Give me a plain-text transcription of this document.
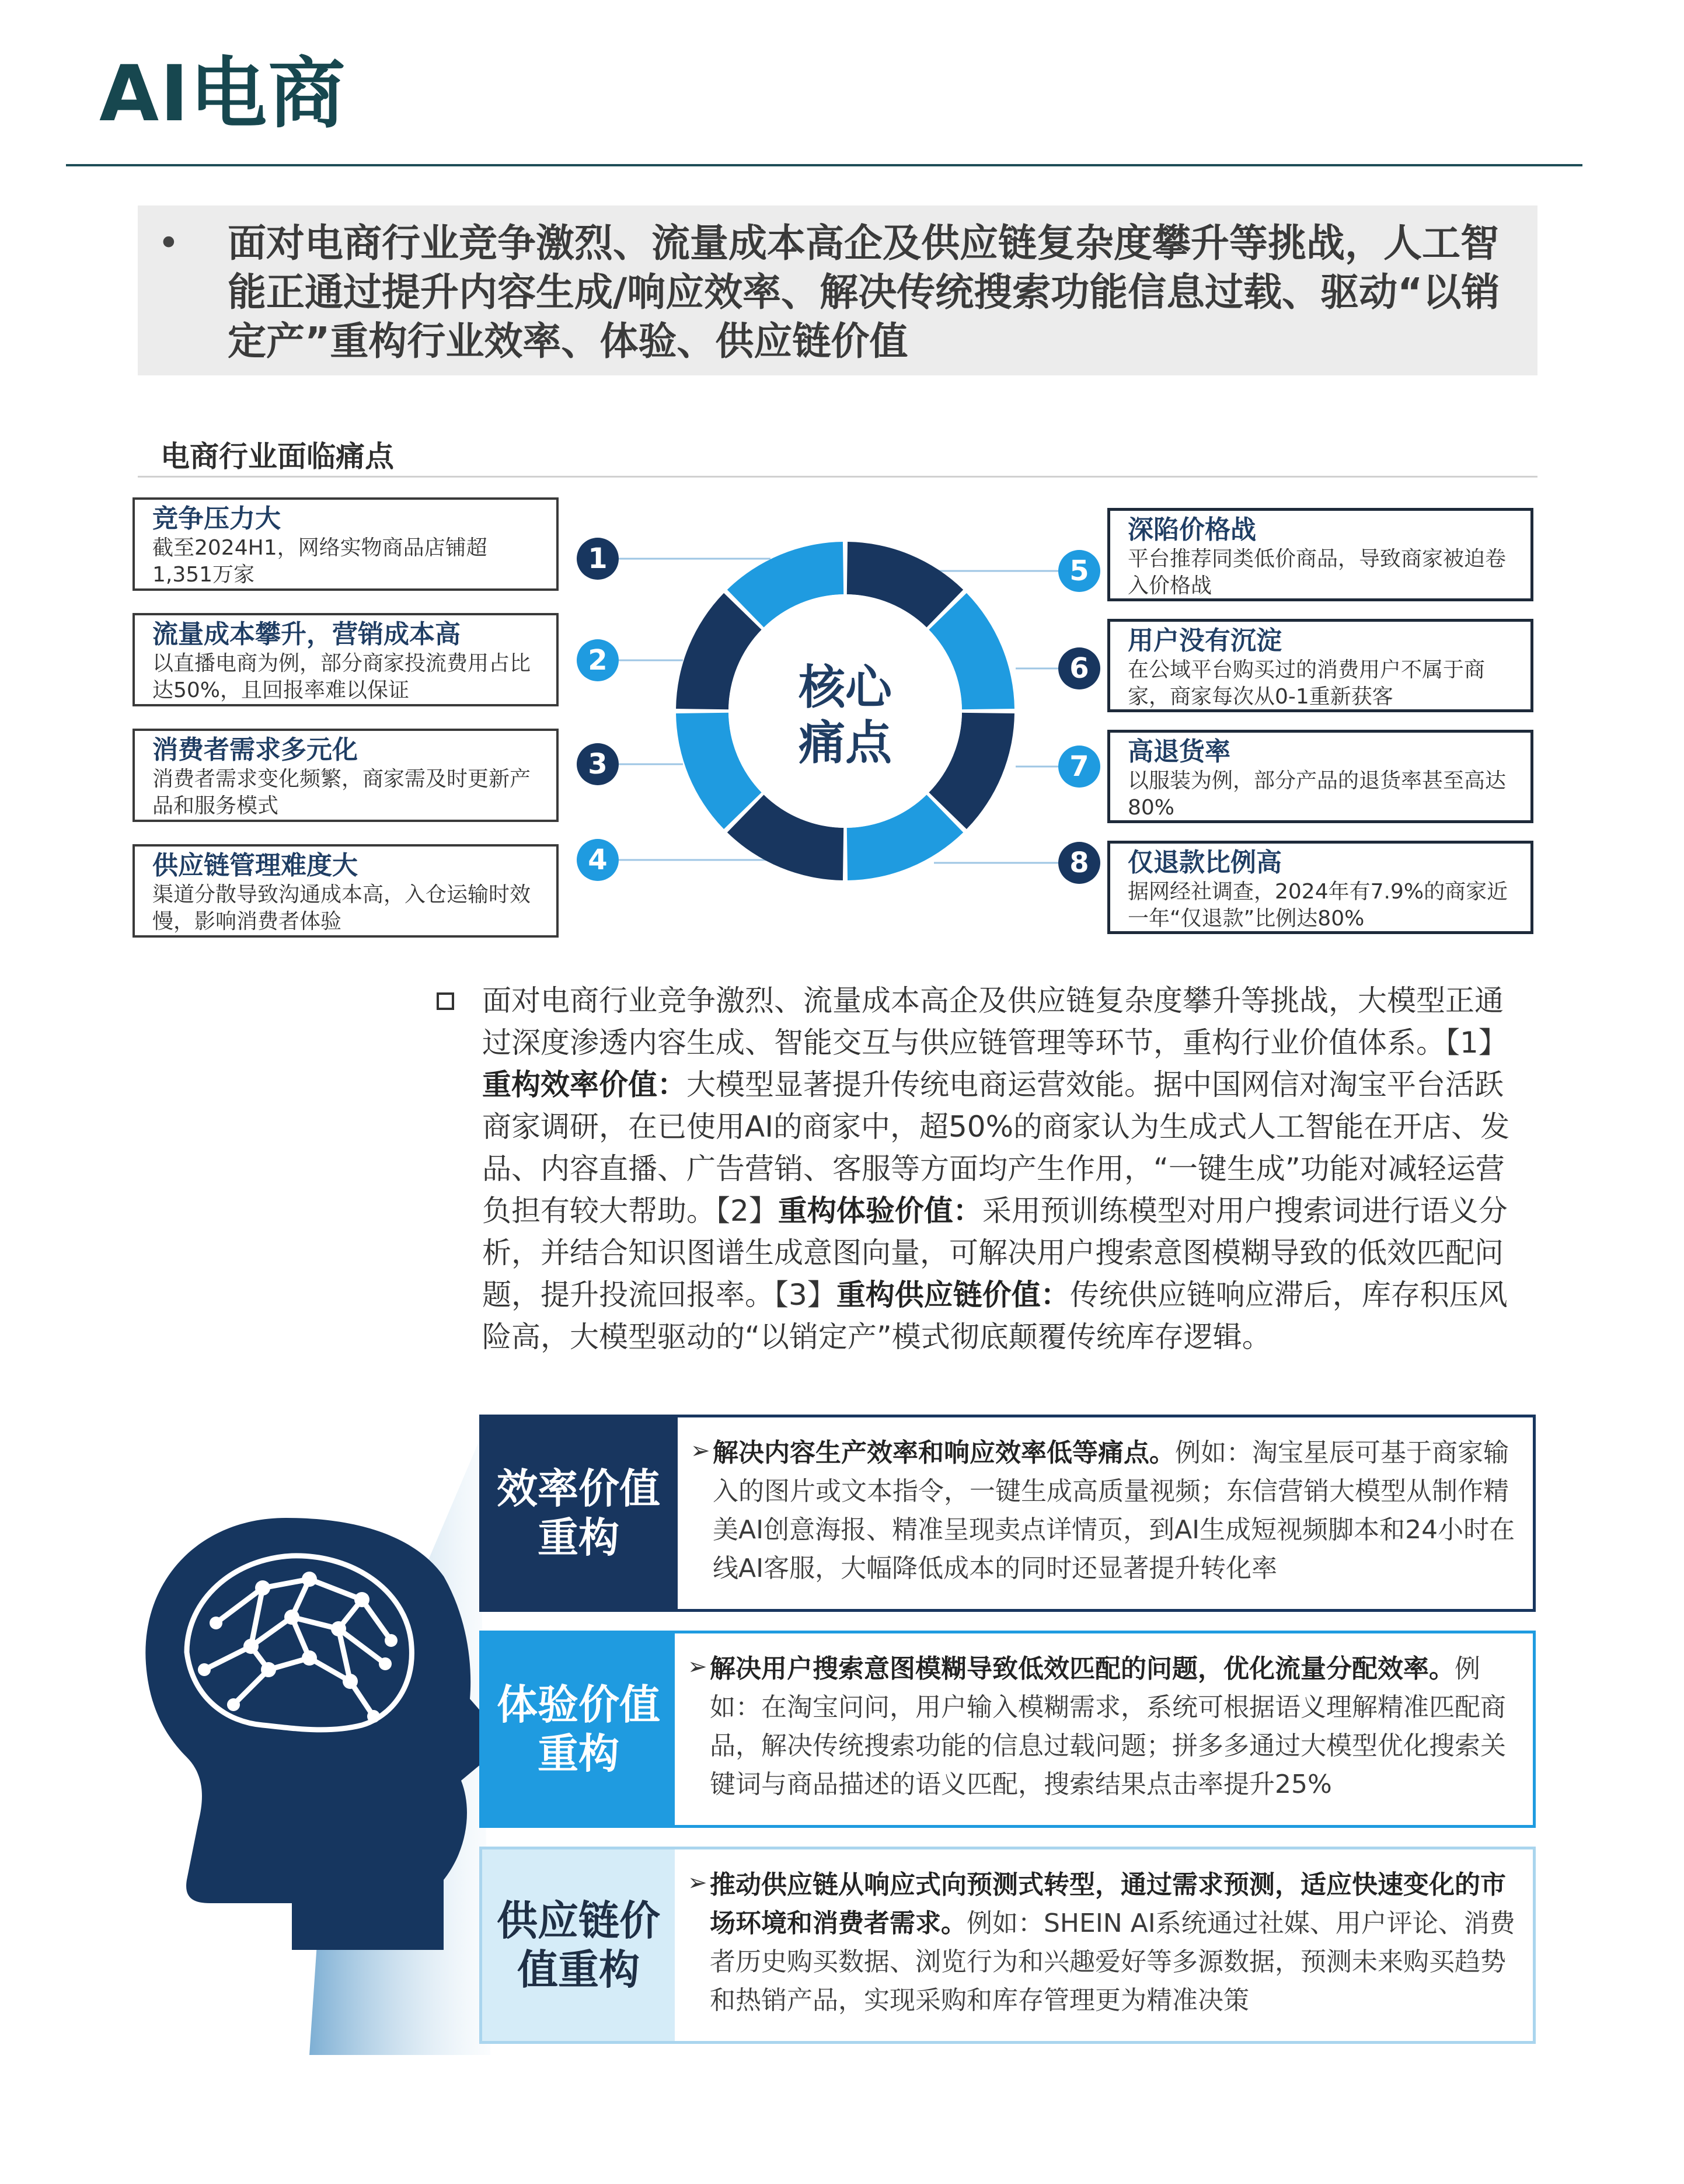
AI电商
• 面对电商行业竞争激烈、流量成本高企及供应链复杂度攀升等挑战，人工智能正通过提升内容生成/响应效率、解决传统搜索功能信息过载、驱动“以销定产”重构行业效率、体验、供应链价值
电商行业面临痛点
核心
痛点
竞争压力大
截至2024H1，网络实物商品店铺超1,351万家
流量成本攀升，营销成本高
以直播电商为例，部分商家投流费用占比达50%，且回报率难以保证
消费者需求多元化
消费者需求变化频繁，商家需及时更新产品和服务模式
供应链管理难度大
渠道分散导致沟通成本高，入仓运输时效慢，影响消费者体验
深陷价格战
平台推荐同类低价商品，导致商家被迫卷入价格战
用户没有沉淀
在公域平台购买过的消费用户不属于商家，商家每次从0-1重新获客
高退货率
以服装为例，部分产品的退货率甚至高达80%
仅退款比例高
据网经社调查，2024年有7.9%的商家近一年“仅退款”比例达80%
1
2
3
4
5
6
7
8
面对电商行业竞争激烈、流量成本高企及供应链复杂度攀升等挑战，大模型正通过深度渗透内容生成、智能交互与供应链管理等环节，重构行业价值体系。【1】重构效率价值：大模型显著提升传统电商运营效能。据中国网信对淘宝平台活跃商家调研，在已使用AI的商家中，超50%的商家认为生成式人工智能在开店、发品、内容直播、广告营销、客服等方面均产生作用，“一键生成”功能对减轻运营负担有较大帮助。【2】重构体验价值：采用预训练模型对用户搜索词进行语义分析，并结合知识图谱生成意图向量，可解决用户搜索意图模糊导致的低效匹配问题，提升投流回报率。【3】重构供应链价值：传统供应链响应滞后，库存积压风险高，大模型驱动的“以销定产”模式彻底颠覆传统库存逻辑。
效率价值重构
➢ 解决内容生产效率和响应效率低等痛点。例如：淘宝星辰可基于商家输入的图片或文本指令，一键生成高质量视频；东信营销大模型从制作精美AI创意海报、精准呈现卖点详情页，到AI生成短视频脚本和24小时在线AI客服，大幅降低成本的同时还显著提升转化率
体验价值重构
➢ 解决用户搜索意图模糊导致低效匹配的问题，优化流量分配效率。例如：在淘宝问问，用户输入模糊需求，系统可根据语义理解精准匹配商品，解决传统搜索功能的信息过载问题；拼多多通过大模型优化搜索关键词与商品描述的语义匹配，搜索结果点击率提升25%
供应链价值重构
➢ 推动供应链从响应式向预测式转型，通过需求预测，适应快速变化的市场环境和消费者需求。例如：SHEIN AI系统通过社媒、用户评论、消费者历史购买数据、浏览行为和兴趣爱好等多源数据，预测未来购买趋势和热销产品，实现采购和库存管理更为精准决策
